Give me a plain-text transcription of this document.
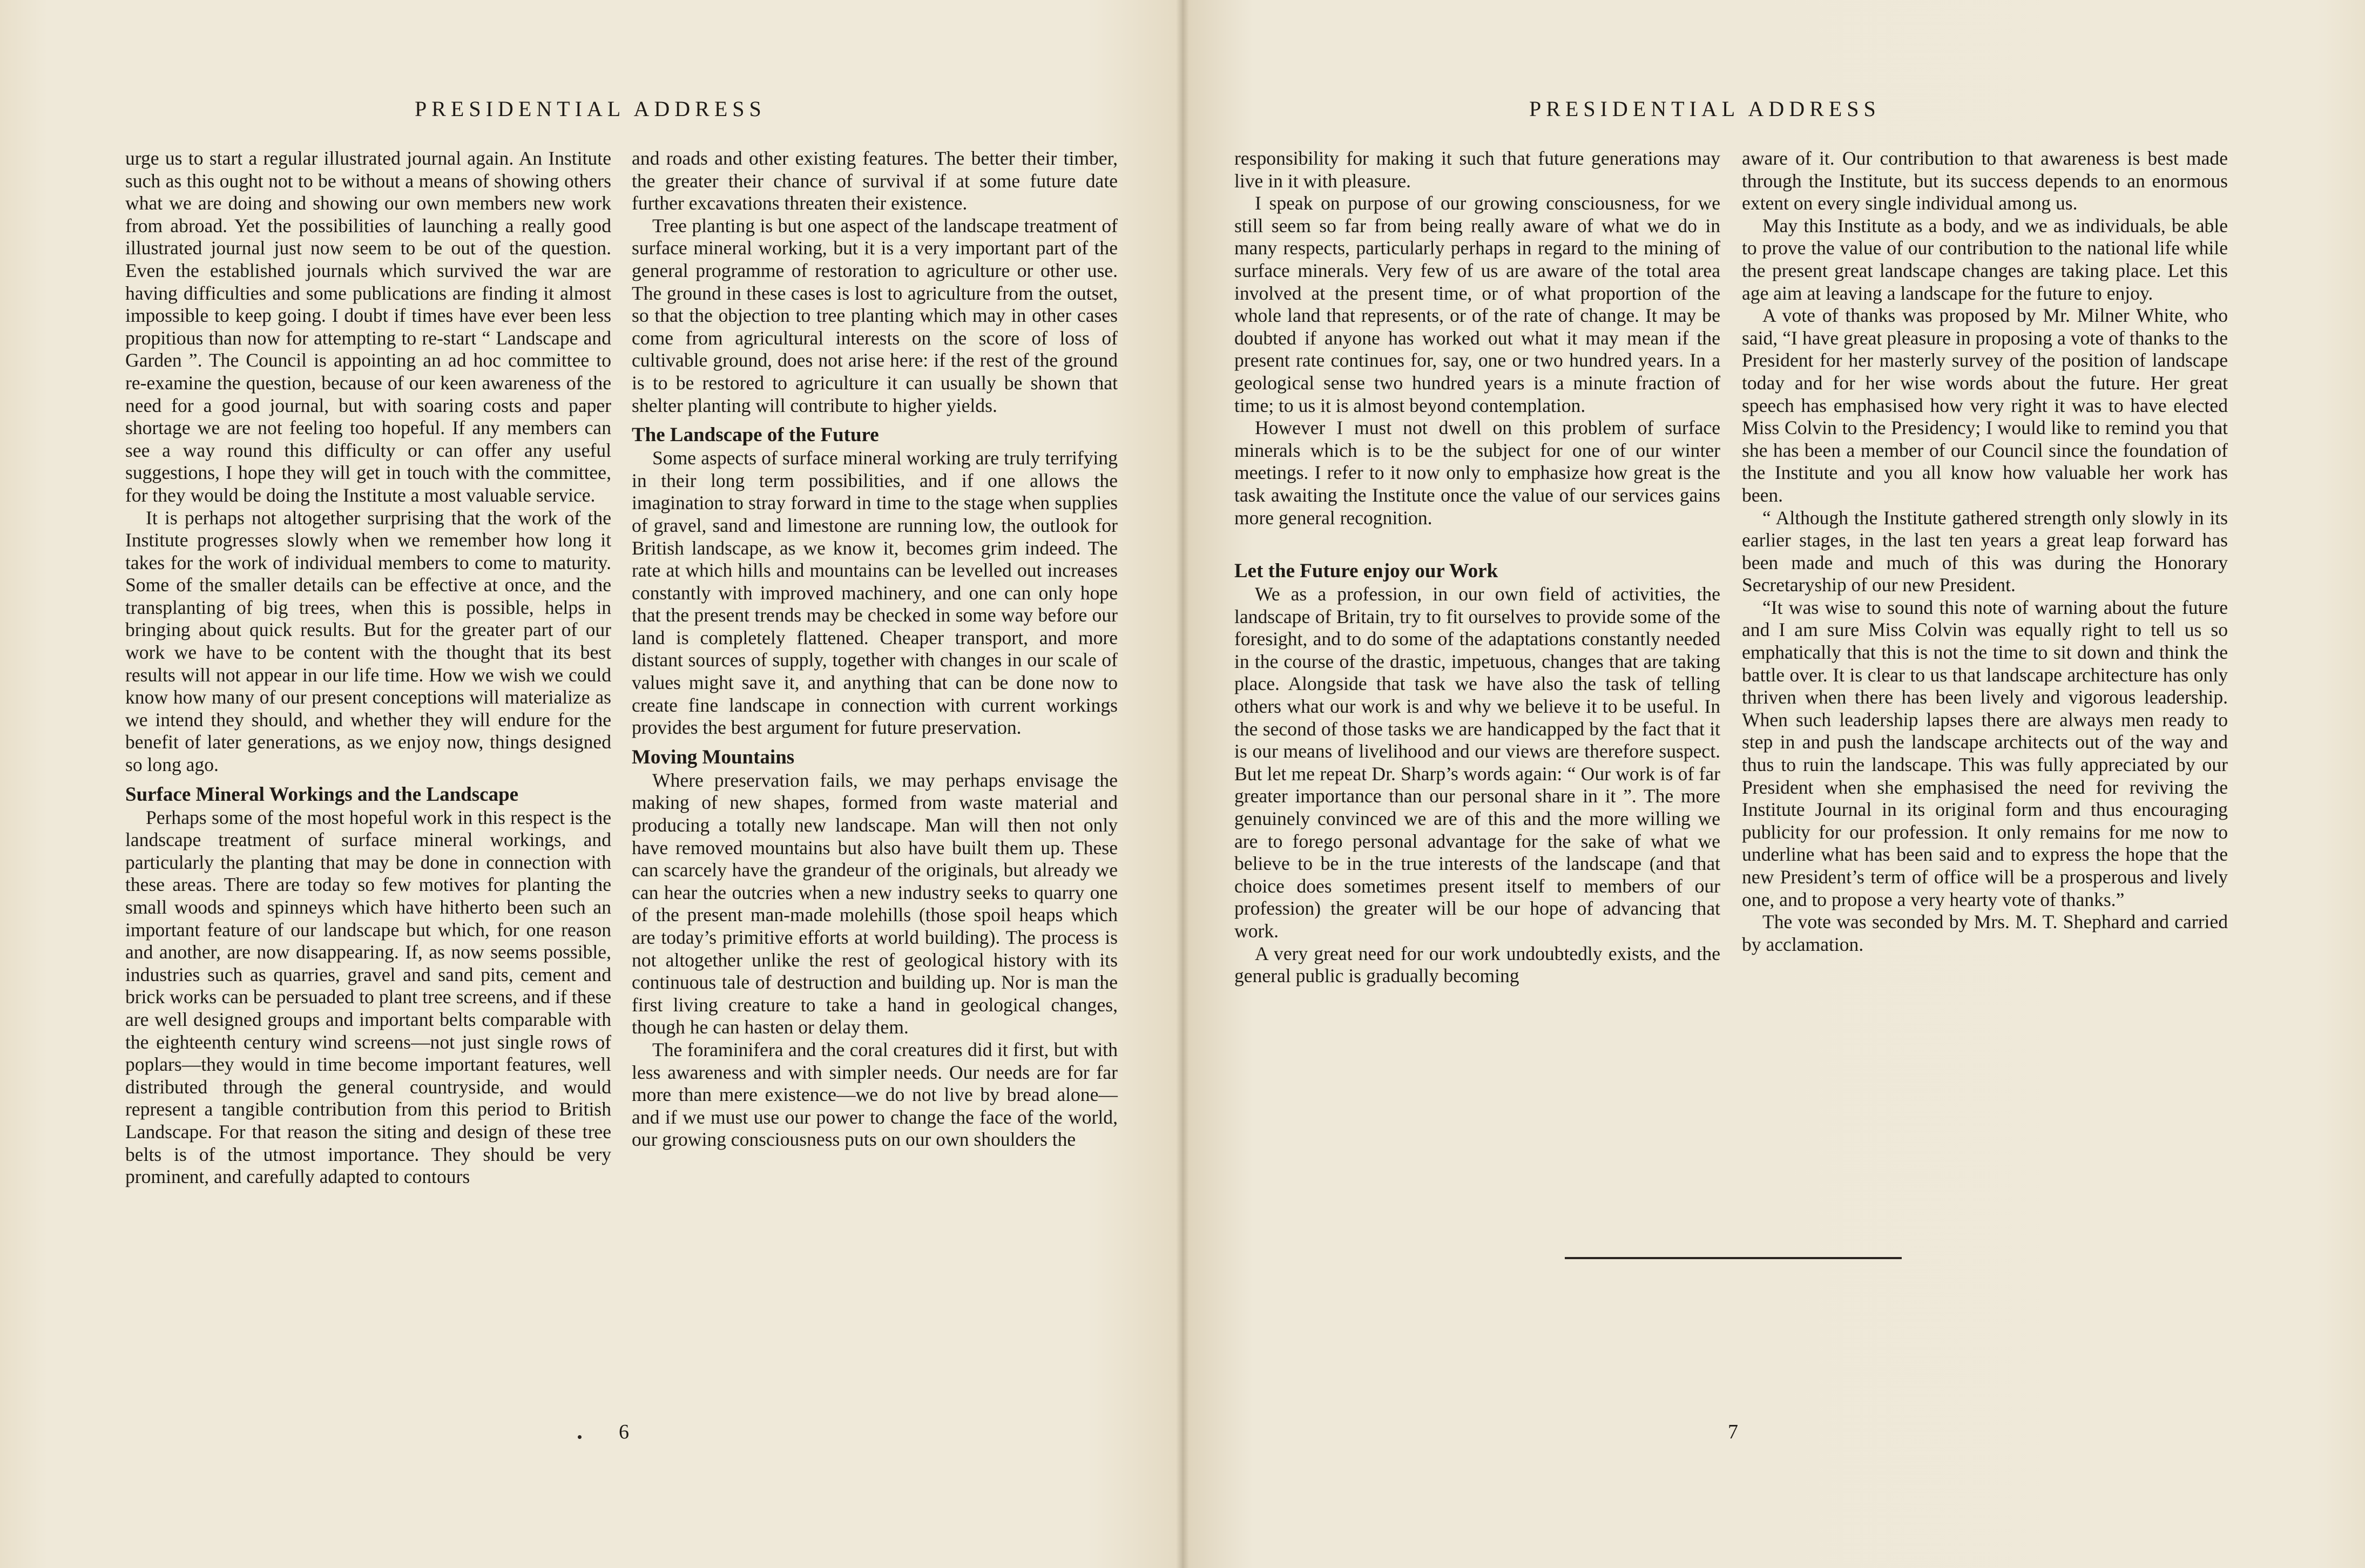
PRESIDENTIAL ADDRESS

urge us to start a regular illustrated journal again. An Institute such as this ought not to be without a means of showing others what we are doing and showing our own members new work from abroad. Yet the possibilities of launching a really good illustrated journal just now seem to be out of the question. Even the established journals which survived the war are having difficulties and some publications are finding it almost impossible to keep going. I doubt if times have ever been less propitious than now for attempting to re-start “ Landscape and Garden ”. The Council is appointing an ad hoc committee to re-examine the question, because of our keen awareness of the need for a good journal, but with soaring costs and paper shortage we are not feeling too hopeful. If any members can see a way round this difficulty or can offer any useful suggestions, I hope they will get in touch with the committee, for they would be doing the Institute a most valuable service.

It is perhaps not altogether surprising that the work of the Institute progresses slowly when we remember how long it takes for the work of individual members to come to maturity. Some of the smaller details can be effective at once, and the transplanting of big trees, when this is possible, helps in bringing about quick results. But for the greater part of our work we have to be content with the thought that its best results will not appear in our life time. How we wish we could know how many of our present conceptions will materialize as we intend they should, and whether they will endure for the benefit of later generations, as we enjoy now, things designed so long ago.

Surface Mineral Workings and the Landscape

Perhaps some of the most hopeful work in this respect is the landscape treatment of surface mineral workings, and particularly the planting that may be done in connection with these areas. There are today so few motives for planting the small woods and spinneys which have hitherto been such an important feature of our landscape but which, for one reason and another, are now disappearing. If, as now seems possible, industries such as quarries, gravel and sand pits, cement and brick works can be persuaded to plant tree screens, and if these are well designed groups and important belts comparable with the eighteenth century wind screens—not just single rows of poplars—they would in time become important features, well distributed through the general countryside, and would represent a tangible contribution from this period to British Landscape. For that reason the siting and design of these tree belts is of the utmost importance. They should be very prominent, and carefully adapted to contours

and roads and other existing features. The better their timber, the greater their chance of survival if at some future date further excavations threaten their existence.

Tree planting is but one aspect of the landscape treatment of surface mineral working, but it is a very important part of the general programme of restoration to agriculture or other use. The ground in these cases is lost to agriculture from the outset, so that the objection to tree planting which may in other cases come from agricultural interests on the score of loss of cultivable ground, does not arise here: if the rest of the ground is to be restored to agriculture it can usually be shown that shelter planting will contribute to higher yields.

The Landscape of the Future

Some aspects of surface mineral working are truly terrifying in their long term possibilities, and if one allows the imagination to stray forward in time to the stage when supplies of gravel, sand and limestone are running low, the outlook for British landscape, as we know it, becomes grim indeed. The rate at which hills and mountains can be levelled out increases constantly with improved machinery, and one can only hope that the present trends may be checked in some way before our land is completely flattened. Cheaper transport, and more distant sources of supply, together with changes in our scale of values might save it, and anything that can be done now to create fine landscape in connection with current workings provides the best argument for future preservation.

Moving Mountains

Where preservation fails, we may perhaps envisage the making of new shapes, formed from waste material and producing a totally new landscape. Man will then not only have removed mountains but also have built them up. These can scarcely have the grandeur of the originals, but already we can hear the outcries when a new industry seeks to quarry one of the present man-made molehills (those spoil heaps which are today’s primitive efforts at world building). The process is not altogether unlike the rest of geological history with its continuous tale of destruction and building up. Nor is man the first living creature to take a hand in geological changes, though he can hasten or delay them.

The foraminifera and the coral creatures did it first, but with less awareness and with simpler needs. Our needs are for far more than mere existence—we do not live by bread alone—and if we must use our power to change the face of the world, our growing consciousness puts on our own shoulders the

6
PRESIDENTIAL ADDRESS

responsibility for making it such that future generations may live in it with pleasure.

I speak on purpose of our growing consciousness, for we still seem so far from being really aware of what we do in many respects, particularly perhaps in regard to the mining of surface minerals. Very few of us are aware of the total area involved at the present time, or of what proportion of the whole land that represents, or of the rate of change. It may be doubted if anyone has worked out what it may mean if the present rate continues for, say, one or two hundred years. In a geological sense two hundred years is a minute fraction of time; to us it is almost beyond contemplation.

However I must not dwell on this problem of surface minerals which is to be the subject for one of our winter meetings. I refer to it now only to emphasize how great is the task awaiting the Institute once the value of our services gains more general recognition.

Let the Future enjoy our Work

We as a profession, in our own field of activities, the landscape of Britain, try to fit ourselves to provide some of the foresight, and to do some of the adaptations constantly needed in the course of the drastic, impetuous, changes that are taking place. Alongside that task we have also the task of telling others what our work is and why we believe it to be useful. In the second of those tasks we are handicapped by the fact that it is our means of livelihood and our views are therefore suspect. But let me repeat Dr. Sharp’s words again: “ Our work is of far greater importance than our personal share in it ”. The more genuinely convinced we are of this and the more willing we are to forego personal advantage for the sake of what we believe to be in the true interests of the landscape (and that choice does sometimes present itself to members of our profession) the greater will be our hope of advancing that work.

A very great need for our work undoubtedly exists, and the general public is gradually becoming

aware of it. Our contribution to that awareness is best made through the Institute, but its success depends to an enormous extent on every single individual among us.

May this Institute as a body, and we as individuals, be able to prove the value of our contribution to the national life while the present great landscape changes are taking place. Let this age aim at leaving a landscape for the future to enjoy.

A vote of thanks was proposed by Mr. Milner White, who said, “I have great pleasure in proposing a vote of thanks to the President for her masterly survey of the position of landscape today and for her wise words about the future. Her great speech has emphasised how very right it was to have elected Miss Colvin to the Presidency; I would like to remind you that she has been a member of our Council since the foundation of the Institute and you all know how valuable her work has been.

“ Although the Institute gathered strength only slowly in its earlier stages, in the last ten years a great leap forward has been made and much of this was during the Honorary Secretaryship of our new President.

“It was wise to sound this note of warning about the future and I am sure Miss Colvin was equally right to tell us so emphatically that this is not the time to sit down and think the battle over. It is clear to us that landscape architecture has only thriven when there has been lively and vigorous leadership. When such leadership lapses there are always men ready to step in and push the landscape architects out of the way and thus to ruin the landscape. This was fully appreciated by our President when she emphasised the need for reviving the Institute Journal in its original form and thus encouraging publicity for our profession. It only remains for me now to underline what has been said and to express the hope that the new President’s term of office will be a prosperous and lively one, and to propose a very hearty vote of thanks.”

The vote was seconded by Mrs. M. T. Shephard and carried by acclamation.

7
